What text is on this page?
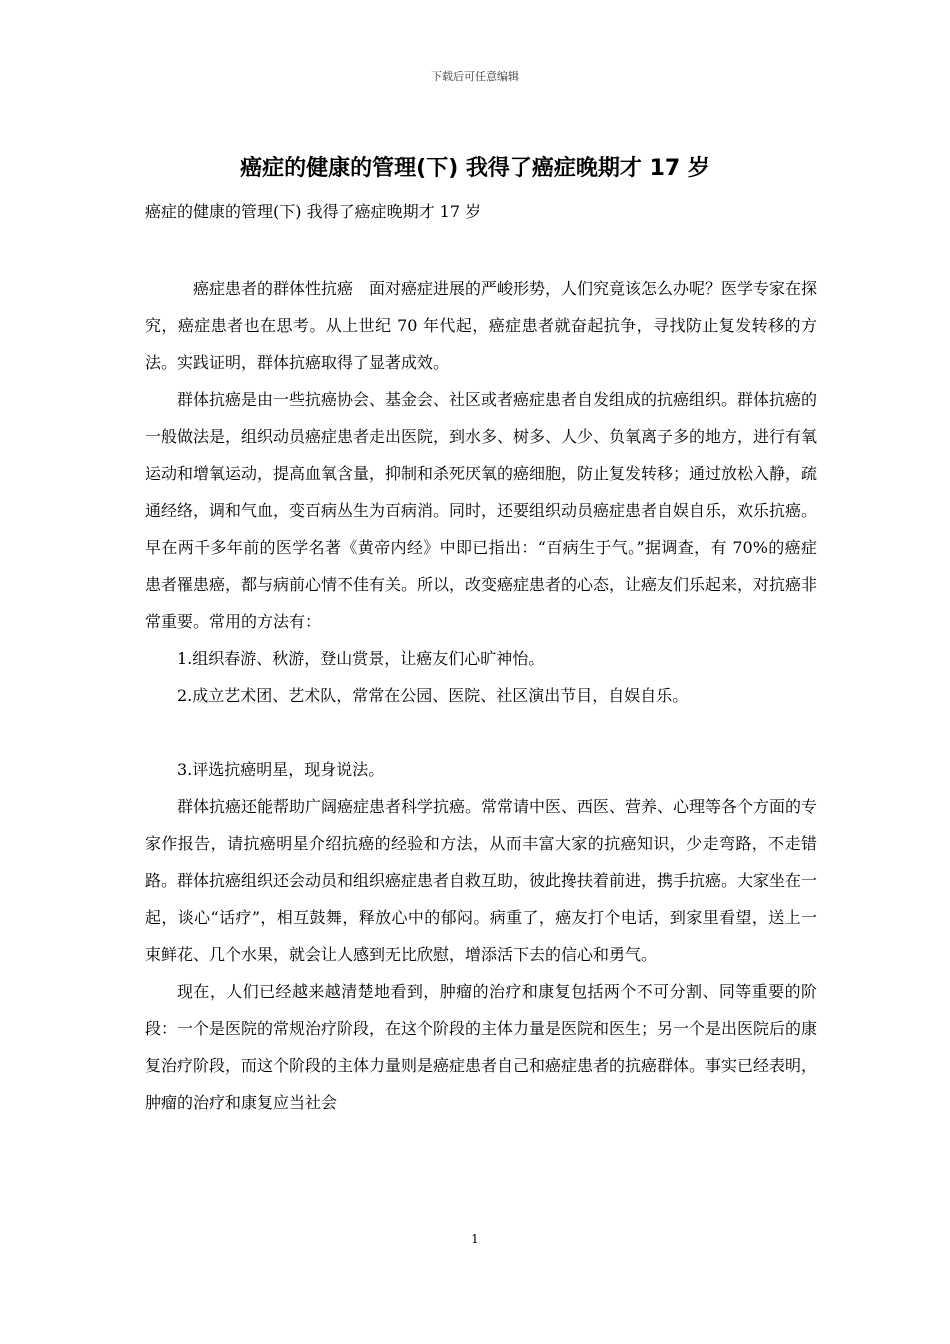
下载后可任意编辑
癌症的健康的管理(下) 我得了癌症晚期才 17 岁

癌症的健康的管理(下) 我得了癌症晚期才 17 岁

癌症患者的群体性抗癌　面对癌症进展的严峻形势，人们究竟该怎么办呢？医学专家在探究，癌症患者也在思考。从上世纪 70 年代起，癌症患者就奋起抗争，寻找防止复发转移的方法。实践证明，群体抗癌取得了显著成效。

群体抗癌是由一些抗癌协会、基金会、社区或者癌症患者自发组成的抗癌组织。群体抗癌的一般做法是，组织动员癌症患者走出医院，到水多、树多、人少、负氧离子多的地方，进行有氧运动和增氧运动，提高血氧含量，抑制和杀死厌氧的癌细胞，防止复发转移；通过放松入静，疏通经络，调和气血，变百病丛生为百病消。同时，还要组织动员癌症患者自娱自乐，欢乐抗癌。早在两千多年前的医学名著《黄帝内经》中即已指出：“百病生于气。”据调查，有 70%的癌症患者罹患癌，都与病前心情不佳有关。所以，改变癌症患者的心态，让癌友们乐起来，对抗癌非常重要。常用的方法有：

1.组织春游、秋游，登山赏景，让癌友们心旷神怡。

2.成立艺术团、艺术队，常常在公园、医院、社区演出节目，自娱自乐。

3.评选抗癌明星，现身说法。

群体抗癌还能帮助广阔癌症患者科学抗癌。常常请中医、西医、营养、心理等各个方面的专家作报告，请抗癌明星介绍抗癌的经验和方法，从而丰富大家的抗癌知识，少走弯路，不走错路。群体抗癌组织还会动员和组织癌症患者自救互助，彼此搀扶着前进，携手抗癌。大家坐在一起，谈心“话疗”，相互鼓舞，释放心中的郁闷。病重了，癌友打个电话，到家里看望，送上一束鲜花、几个水果，就会让人感到无比欣慰，增添活下去的信心和勇气。

现在，人们已经越来越清楚地看到，肿瘤的治疗和康复包括两个不可分割、同等重要的阶段：一个是医院的常规治疗阶段，在这个阶段的主体力量是医院和医生；另一个是出医院后的康复治疗阶段，而这个阶段的主体力量则是癌症患者自己和癌症患者的抗癌群体。事实已经表明，肿瘤的治疗和康复应当社会

1
